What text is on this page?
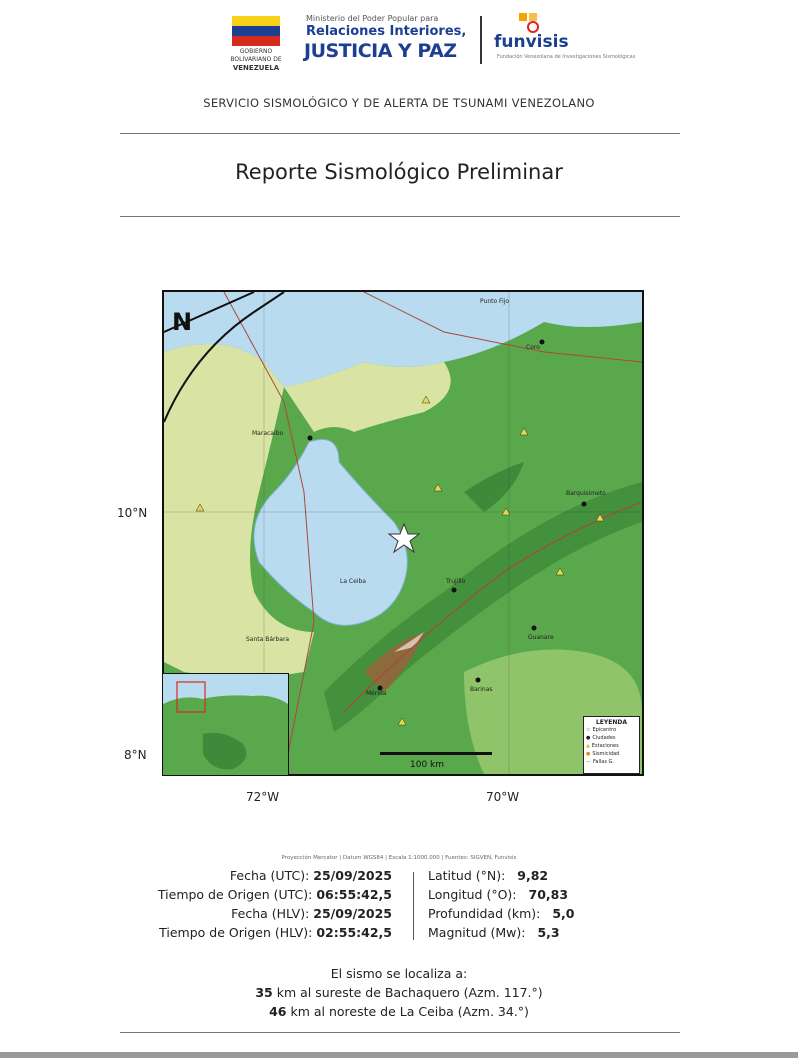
GOBIERNO BOLIVARIANO DE
VENEZUELA
Ministerio del Poder Popular para
Relaciones Interiores,
JUSTICIA Y PAZ funvisis
Fundación Venezolana de Investigaciones Sismológicas
SERVICIO SISMOLÓGICO Y DE ALERTA DE TSUNAMI VENEZOLANO
Reporte Sismológico Preliminar
Maracaibo
La Ceiba	Trujillo
Guanare
Barinas
Mérida
Barquisimeto
Coro
Punto Fijo
Santa Bárbara
N
100 km
LEYENDA
☆ Epicentro
● Ciudades
▲ Estaciones
● Sismicidad
— Fallas G.
10°N
8°N
72°W	70°W
Proyección Mercator | Datum WGS84 | Escala 1:1000.000 | Fuentes: SIGVEN, Funvisis
Fecha (UTC): 25/09/2025
Tiempo de Origen (UTC): 06:55:42,5
Fecha (HLV): 25/09/2025
Tiempo de Origen (HLV): 02:55:42,5
Latitud (°N): 9,82
Longitud (°O): 70,83
Profundidad (km): 5,0
Magnitud (Mw): 5,3
El sismo se localiza a:
35 km al sureste de Bachaquero (Azm. 117.°)
46 km al noreste de La Ceiba (Azm. 34.°)
